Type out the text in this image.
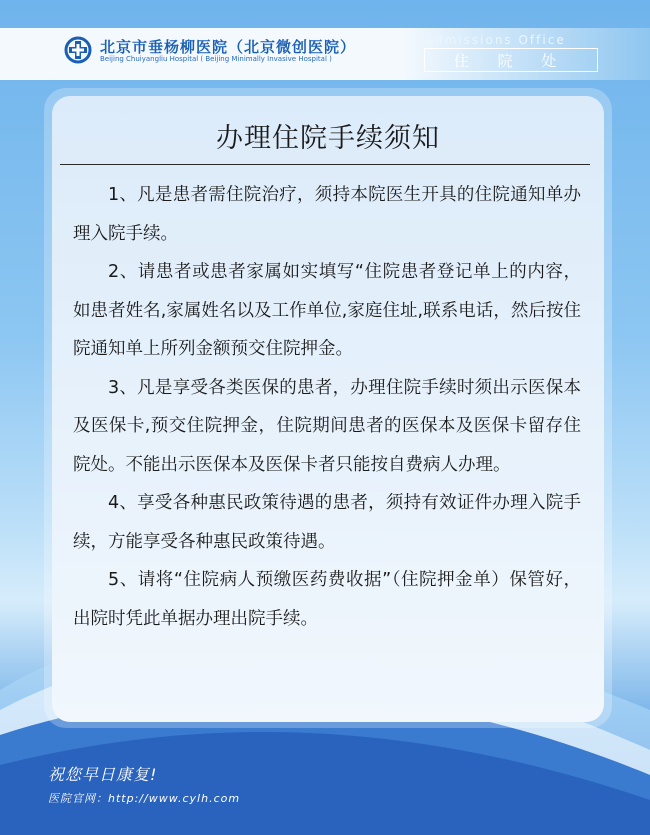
北京市垂杨柳医院（北京微创医院）
Beijing Chuiyangliu Hospital ( Beijing Minimally Invasive Hospital )
Admissions Office
住 院 处
办理住院手续须知

1、凡是患者需住院治疗，须持本院医生开具的住院通知单办理入院手续。

2、请患者或患者家属如实填写“住院患者登记单上的内容，如患者姓名,家属姓名以及工作单位,家庭住址,联系电话，然后按住院通知单上所列金额预交住院押金。

3、凡是享受各类医保的患者，办理住院手续时须出示医保本及医保卡,预交住院押金，住院期间患者的医保本及医保卡留存住院处。不能出示医保本及医保卡者只能按自费病人办理。

4、享受各种惠民政策待遇的患者，须持有效证件办理入院手续，方能享受各种惠民政策待遇。

5、请将“住院病人预缴医药费收据”（住院押金单）保管好，出院时凭此单据办理出院手续。

祝您早日康复!
医院官网：http://www.cylh.com
